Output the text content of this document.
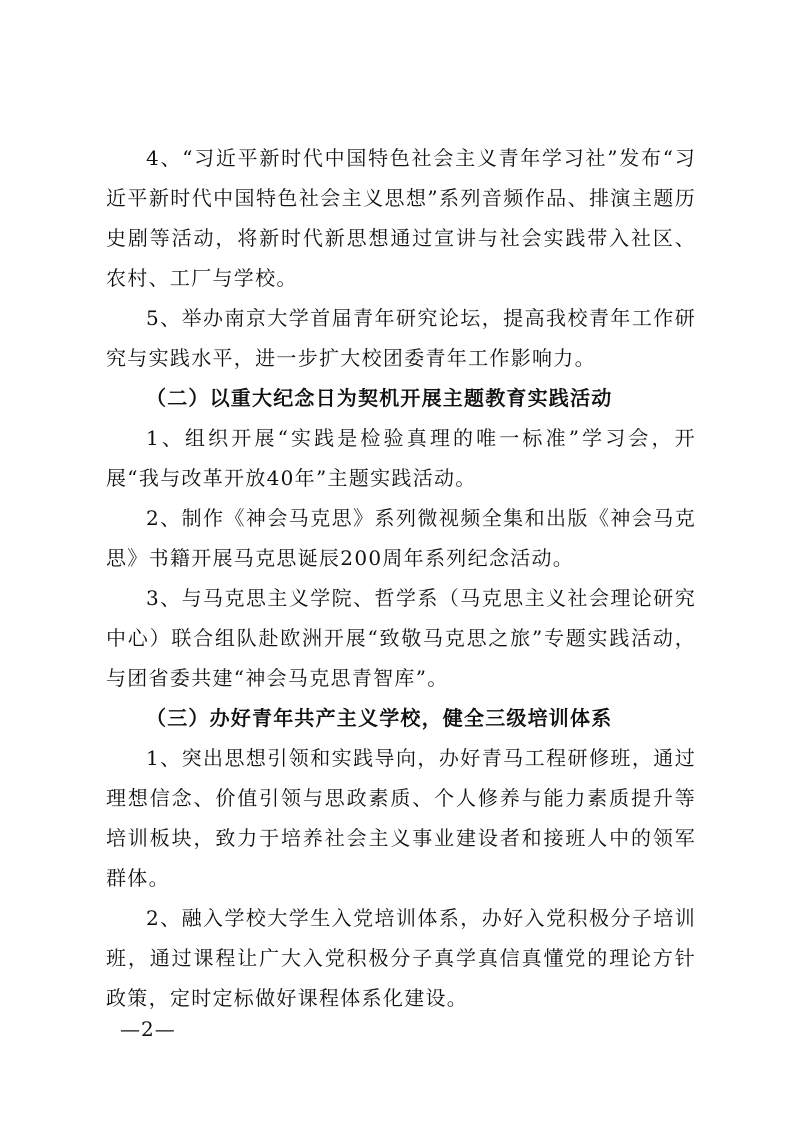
4、“习近平新时代中国特色社会主义青年学习社”发布“习近平新时代中国特色社会主义思想”系列音频作品、排演主题历史剧等活动，将新时代新思想通过宣讲与社会实践带入社区、农村、工厂与学校。

5、举办南京大学首届青年研究论坛，提高我校青年工作研究与实践水平，进一步扩大校团委青年工作影响力。

（二）以重大纪念日为契机开展主题教育实践活动

1、组织开展“实践是检验真理的唯一标准”学习会，开展“我与改革开放40年”主题实践活动。

2、制作《神会马克思》系列微视频全集和出版《神会马克思》书籍开展马克思诞辰200周年系列纪念活动。

3、与马克思主义学院、哲学系（马克思主义社会理论研究中心）联合组队赴欧洲开展“致敬马克思之旅”专题实践活动，与团省委共建“神会马克思青智库”。

（三）办好青年共产主义学校，健全三级培训体系

1、突出思想引领和实践导向，办好青马工程研修班，通过理想信念、价值引领与思政素质、个人修养与能力素质提升等培训板块，致力于培养社会主义事业建设者和接班人中的领军群体。

2、融入学校大学生入党培训体系，办好入党积极分子培训班，通过课程让广大入党积极分子真学真信真懂党的理论方针政策，定时定标做好课程体系化建设。

—2—
